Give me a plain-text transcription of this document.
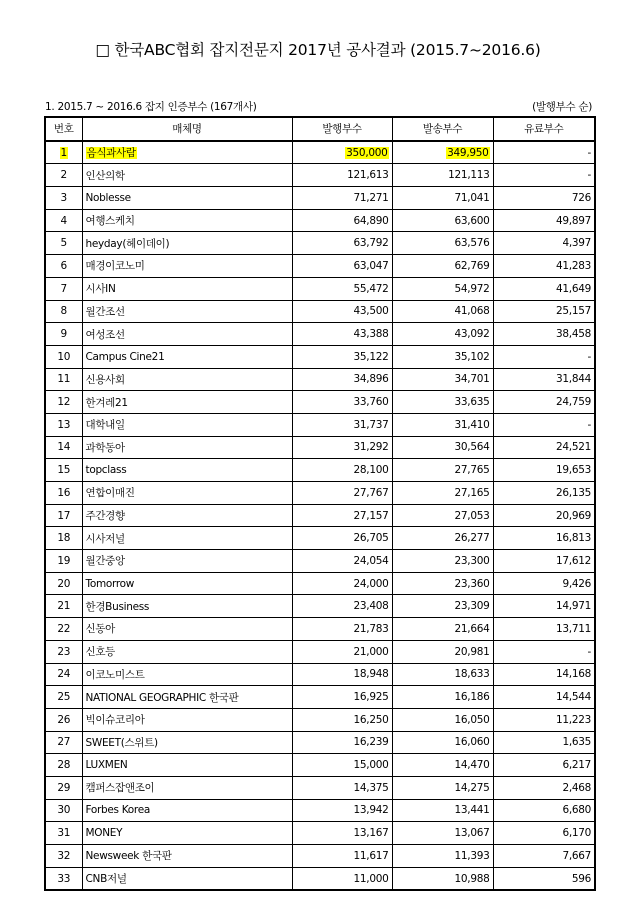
□ 한국ABC협회 잡지전문지 2017년 공사결과 (2015.7~2016.6)
1. 2015.7 ~ 2016.6 잡지 인증부수 (167개사)	(발행부수 순)
번호	매체명	발행부수	발송부수	유료부수
1	음식과사람	350,000	349,950	-
2	인산의학	121,613	121,113	-
3	Noblesse	71,271	71,041	726
4	여행스케치	64,890	63,600	49,897
5	heyday(헤이데이)	63,792	63,576	4,397
6	매경이코노미	63,047	62,769	41,283
7	시사IN	55,472	54,972	41,649
8	월간조선	43,500	41,068	25,157
9	여성조선	43,388	43,092	38,458
10	Campus Cine21	35,122	35,102	-
11	신용사회	34,896	34,701	31,844
12	한겨레21	33,760	33,635	24,759
13	대학내일	31,737	31,410	-
14	과학동아	31,292	30,564	24,521
15	topclass	28,100	27,765	19,653
16	연합이매진	27,767	27,165	26,135
17	주간경향	27,157	27,053	20,969
18	시사저널	26,705	26,277	16,813
19	월간중앙	24,054	23,300	17,612
20	Tomorrow	24,000	23,360	9,426
21	한경Business	23,408	23,309	14,971
22	신동아	21,783	21,664	13,711
23	신호등	21,000	20,981	-
24	이코노미스트	18,948	18,633	14,168
25	NATIONAL GEOGRAPHIC 한국판	16,925	16,186	14,544
26	빅이슈코리아	16,250	16,050	11,223
27	SWEET(스위트)	16,239	16,060	1,635
28	LUXMEN	15,000	14,470	6,217
29	캠퍼스잡앤조이	14,375	14,275	2,468
30	Forbes Korea	13,942	13,441	6,680
31	MONEY	13,167	13,067	6,170
32	Newsweek 한국판	11,617	11,393	7,667
33	CNB저널	11,000	10,988	596
